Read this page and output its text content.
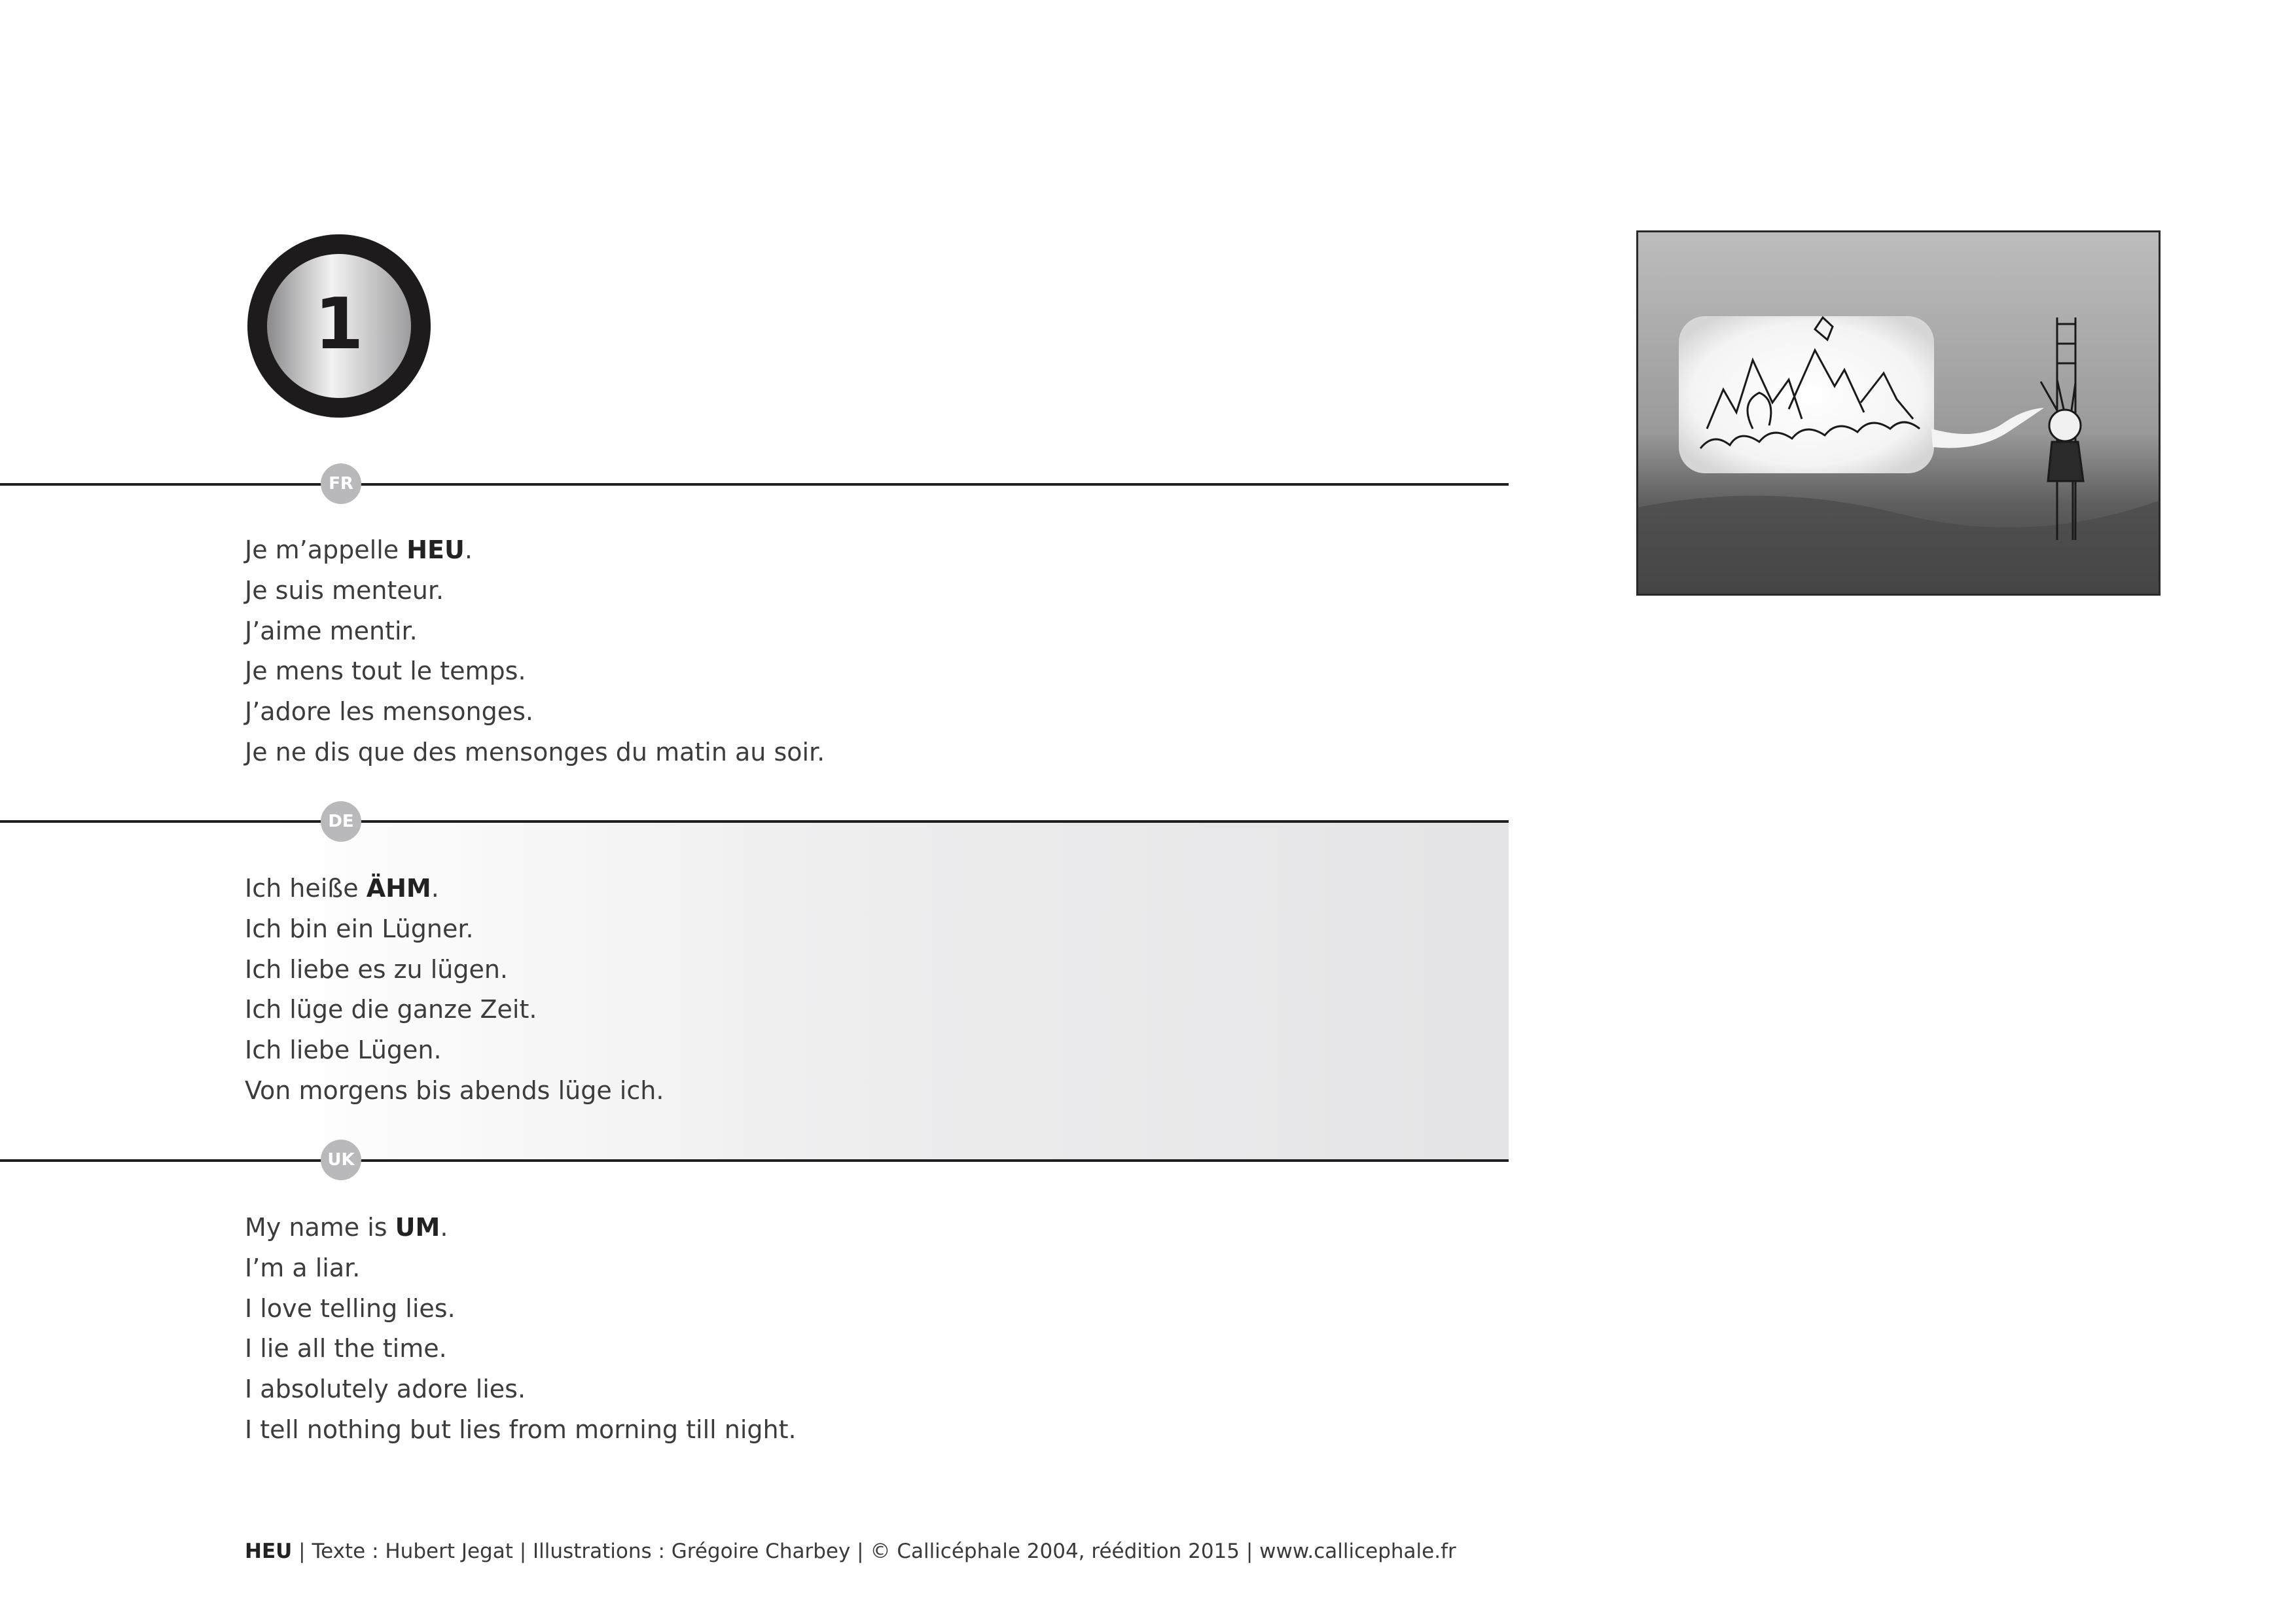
1
FR
DE
UK
Je m’appelle HEU.
Je suis menteur.
J’aime mentir.
Je mens tout le temps.
J’adore les mensonges.
Je ne dis que des mensonges du matin au soir.
Ich heiße ÄHM.
Ich bin ein Lügner.
Ich liebe es zu lügen.
Ich lüge die ganze Zeit.
Ich liebe Lügen.
Von morgens bis abends lüge ich.
My name is UM.
I’m a liar.
I love telling lies.
I lie all the time.
I absolutely adore lies.
I tell nothing but lies from morning till night.
HEU | Texte : Hubert Jegat | Illustrations : Grégoire Charbey | © Callicéphale 2004, réédition 2015 | www.callicephale.fr
